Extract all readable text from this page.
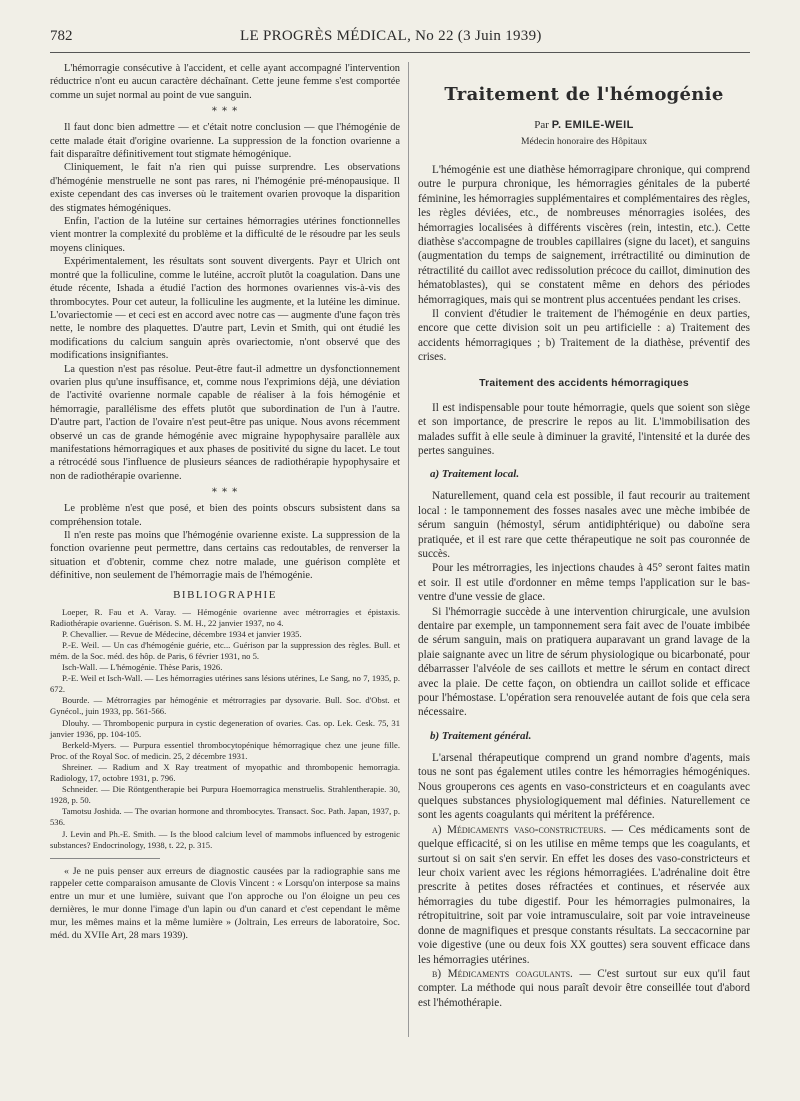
782	LE PROGRÈS MÉDICAL, No 22 (3 Juin 1939)

L'hémorragie consécutive à l'accident, et celle ayant accompagné l'intervention réductrice n'ont eu aucun caractère déchaînant. Cette jeune femme s'est comportée comme un sujet normal au point de vue sanguin.

* * *

Il faut donc bien admettre — et c'était notre conclusion — que l'hémogénie de cette malade était d'origine ovarienne. La suppression de la fonction ovarienne a fait disparaître définitivement tout stigmate hémogénique.

Cliniquement, le fait n'a rien qui puisse surprendre. Les observations d'hémogénie menstruelle ne sont pas rares, ni l'hémogénie pré-ménopausique. Il existe cependant des cas inverses où le traitement ovarien provoque la disparition des stigmates hémogéniques.

Enfin, l'action de la lutéine sur certaines hémorragies utérines fonctionnelles vient montrer la complexité du problème et la difficulté de le résoudre par les seuls moyens cliniques.

Expérimentalement, les résultats sont souvent divergents. Payr et Ulrich ont montré que la folliculine, comme le lutéine, accroît plutôt la coagulation. Dans une étude récente, Ishada a étudié l'action des hormones ovariennes vis-à-vis des thrombocytes. Pour cet auteur, la folliculine les augmente, et la lutéine les diminue. L'ovariectomie — et ceci est en accord avec notre cas — augmente d'une façon très nette, le nombre des plaquettes. D'autre part, Levin et Smith, qui ont étudié les modifications du calcium sanguin après ovariectomie, n'ont observé que des modifications insignifiantes.

La question n'est pas résolue. Peut-être faut-il admettre un dysfonctionnement ovarien plus qu'une insuffisance, et, comme nous l'exprimions déjà, une déviation de l'activité ovarienne normale capable de réaliser à la fois hémogénie et hémorragie, parallélisme des effets plutôt que subordination de l'un à l'autre. D'autre part, l'action de l'ovaire n'est peut-être pas unique. Nous avons récemment observé un cas de grande hémogénie avec migraine hypophysaire parallèle aux manifestations hémorragiques et aux phases de positivité du signe du lacet. Le tout a rétrocédé sous l'influence de plusieurs séances de radiothérapie hypophysaire et non de radiothérapie ovarienne.

* * *

Le problème n'est que posé, et bien des points obscurs subsistent dans sa compréhension totale.

Il n'en reste pas moins que l'hémogénie ovarienne existe. La suppression de la fonction ovarienne peut permettre, dans certains cas redoutables, de renverser la situation et d'obtenir, comme chez notre malade, une guérison complète et définitive, non seulement de l'hémorragie mais de l'hémogénie.

BIBLIOGRAPHIE

Loeper, R. Fau et A. Varay. — Hémogénie ovarienne avec métrorragies et épistaxis. Radiothérapie ovarienne. Guérison. S. M. H., 22 janvier 1937, no 4.

P. Chevallier. — Revue de Médecine, décembre 1934 et janvier 1935.

P.-E. Weil. — Un cas d'hémogénie guérie, etc... Guérison par la suppression des règles. Bull. et mém. de la Soc. méd. des hôp. de Paris, 6 février 1931, no 5.

Isch-Wall. — L'hémogénie. Thèse Paris, 1926.

P.-E. Weil et Isch-Wall. — Les hémorragies utérines sans lésions utérines, Le Sang, no 7, 1935, p. 672.

Bourde. — Métrorragies par hémogénie et métrorragies par dysovarie. Bull. Soc. d'Obst. et Gynécol., juin 1933, pp. 561-566.

Dlouhy. — Thrombopenic purpura in cystic degeneration of ovaries. Cas. op. Lek. Cesk. 75, 31 janvier 1936, pp. 104-105.

Berkeld-Myers. — Purpura essentiel thrombocytopénique hémorragique chez une jeune fille. Proc. of the Royal Soc. of medicin. 25, 2 décembre 1931.

Shreiner. — Radium and X Ray treatment of myopathic and thrombopenic hemorragia. Radiology, 17, octobre 1931, p. 796.

Schneider. — Die Röntgentherapie bei Purpura Hoemorragica menstruelis. Strahlentherapie. 30, 1928, p. 50.

Tamotsu Joshida. — The ovarian hormone and thrombocytes. Transact. Soc. Path. Japan, 1937, p. 536.

J. Levin and Ph.-E. Smith. — Is the blood calcium level of mammobs influenced by estrogenic substances? Endocrinology, 1938, t. 22, p. 315.

« Je ne puis penser aux erreurs de diagnostic causées par la radiographie sans me rappeler cette comparaison amusante de Clovis Vincent : « Lorsqu'on interpose sa mains entre un mur et une lumière, suivant que l'on approche ou l'on éloigne un peu ces dernières, le mur donne l'image d'un lapin ou d'un canard et c'est cependant le même mur, les mêmes mains et la même lumière » (Joltrain, Les erreurs de laboratoire, Soc. méd. du XVIIe Art, 28 mars 1939).

Traitement de l'hémogénie
Par P. EMILE-WEIL
Médecin honoraire des Hôpitaux

L'hémogénie est une diathèse hémorragipare chronique, qui comprend outre le purpura chronique, les hémorragies génitales de la puberté féminine, les hémorragies supplémentaires et complémentaires des règles, les règles déviées, etc., de nombreuses ménorragies isolées, des hémorragies localisées à différents viscères (rein, intestin, etc.). Cette diathèse s'accompagne de troubles capillaires (signe du lacet), et sanguins (augmentation du temps de saignement, irrétractilité ou diminution de rétractilité du caillot avec redissolution précoce du caillot, diminution des hématoblastes), qui se constatent même en dehors des périodes hémorragiques, mais qui se montrent plus accentuées pendant les crises.

Il convient d'étudier le traitement de l'hémogénie en deux parties, encore que cette division soit un peu artificielle : a) Traitement des accidents hémorragiques ; b) Traitement de la diathèse, préventif des crises.

Traitement des accidents hémorragiques

Il est indispensable pour toute hémorragie, quels que soient son siège et son importance, de prescrire le repos au lit. L'immobilisation des malades suffit à elle seule à diminuer la gravité, l'intensité et la durée des pertes sanguines.

a) Traitement local.

Naturellement, quand cela est possible, il faut recourir au traitement local : le tamponnement des fosses nasales avec une mèche imbibée de sérum sanguin (hémostyl, sérum antidiphtérique) ou daboïne sera pratiquée, et il est rare que cette thérapeutique ne soit pas couronnée de succès.

Pour les métrorragies, les injections chaudes à 45° seront faites matin et soir. Il est utile d'ordonner en même temps l'application sur le bas-ventre d'une vessie de glace.

Si l'hémorragie succède à une intervention chirurgicale, une avulsion dentaire par exemple, un tamponnement sera fait avec de l'ouate imbibée de sérum sanguin, mais on pratiquera auparavant un grand lavage de la plaie saignante avec un litre de sérum physiologique ou bicarbonaté, pour débarrasser l'alvéole de ses caillots et mettre le sérum en contact direct avec la plaie. De cette façon, on obtiendra un caillot solide et efficace pour l'hémostase. L'opération sera renouvelée autant de fois que cela sera nécessaire.

b) Traitement général.

L'arsenal thérapeutique comprend un grand nombre d'agents, mais tous ne sont pas également utiles contre les hémorragies hémogéniques. Nous grouperons ces agents en vaso-constricteurs et en coagulants avec quelques substances physiologiquement mal définies. Naturellement ce sont les agents coagulants qui méritent la préférence.

a) Médicaments vaso-constricteurs. — Ces médicaments sont de quelque efficacité, si on les utilise en même temps que les coagulants, et surtout si on sait s'en servir. En effet les doses des vaso-constricteurs et leur choix varient avec les régions hémorragiées. L'adrénaline doit être prescrite à petites doses réfractées et continues, et réservée aux hémorragies du tube digestif. Pour les hémorragies pulmonaires, la rétropituitrine, soit par voie intramusculaire, soit par voie intraveineuse donne de magnifiques et presque constants résultats. La seccacornine par voie digestive (une ou deux fois XX gouttes) sera souvent efficace dans les hémorragies utérines.

b) Médicaments coagulants. — C'est surtout sur eux qu'il faut compter. La méthode qui nous paraît devoir être conseillée tout d'abord est l'hémothérapie.
